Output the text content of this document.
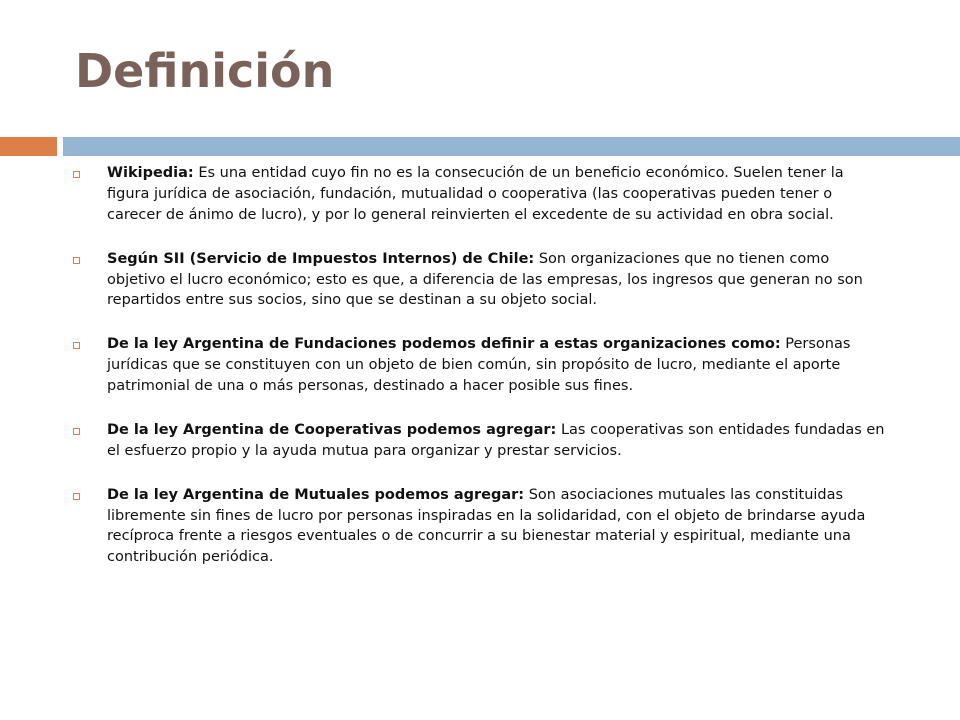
Definición
Wikipedia: Es una entidad cuyo fin no es la consecución de un beneficio económico. Suelen tener la figura jurídica de asociación, fundación, mutualidad o cooperativa (las cooperativas pueden tener o carecer de ánimo de lucro), y por lo general reinvierten el excedente de su actividad en obra social.
Según SII (Servicio de Impuestos Internos) de Chile: Son organizaciones que no tienen como objetivo el lucro económico; esto es que, a diferencia de las empresas, los ingresos que generan no son repartidos entre sus socios, sino que se destinan a su objeto social.
De la ley Argentina de Fundaciones podemos definir a estas organizaciones como: Personas jurídicas que se constituyen con un objeto de bien común, sin propósito de lucro, mediante el aporte patrimonial de una o más personas, destinado a hacer posible sus fines.
De la ley Argentina de Cooperativas podemos agregar: Las cooperativas son entidades fundadas en el esfuerzo propio y la ayuda mutua para organizar y prestar servicios.
De la ley Argentina de Mutuales podemos agregar: Son asociaciones mutuales las constituidas libremente sin fines de lucro por personas inspiradas en la solidaridad, con el objeto de brindarse ayuda recíproca frente a riesgos eventuales o de concurrir a su bienestar material y espiritual, mediante una contribución periódica.
